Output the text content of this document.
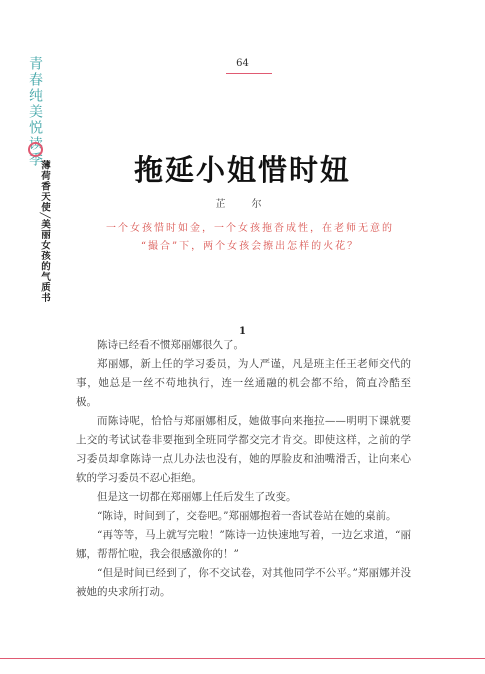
青春纯美悦读季
薄荷香天使╱美丽女孩的气质书
64
拖延小姐惜时妞
芷　尔
一个女孩惜时如金，一个女孩拖沓成性，在老师无意的
“撮合”下，两个女孩会擦出怎样的火花？
1

陈诗已经看不惯郑丽娜很久了。

郑丽娜，新上任的学习委员，为人严谨，凡是班主任王老师交代的事，她总是一丝不苟地执行，连一丝通融的机会都不给，简直冷酷至极。

而陈诗呢，恰恰与郑丽娜相反，她做事向来拖拉——明明下课就要上交的考试试卷非要拖到全班同学都交完才肯交。即使这样，之前的学习委员却拿陈诗一点儿办法也没有，她的厚脸皮和油嘴滑舌，让向来心软的学习委员不忍心拒绝。

但是这一切都在郑丽娜上任后发生了改变。

“陈诗，时间到了，交卷吧。”郑丽娜抱着一沓试卷站在她的桌前。

“再等等，马上就写完啦！”陈诗一边快速地写着，一边乞求道，“丽娜，帮帮忙啦，我会很感激你的！”

“但是时间已经到了，你不交试卷，对其他同学不公平。”郑丽娜并没被她的央求所打动。
